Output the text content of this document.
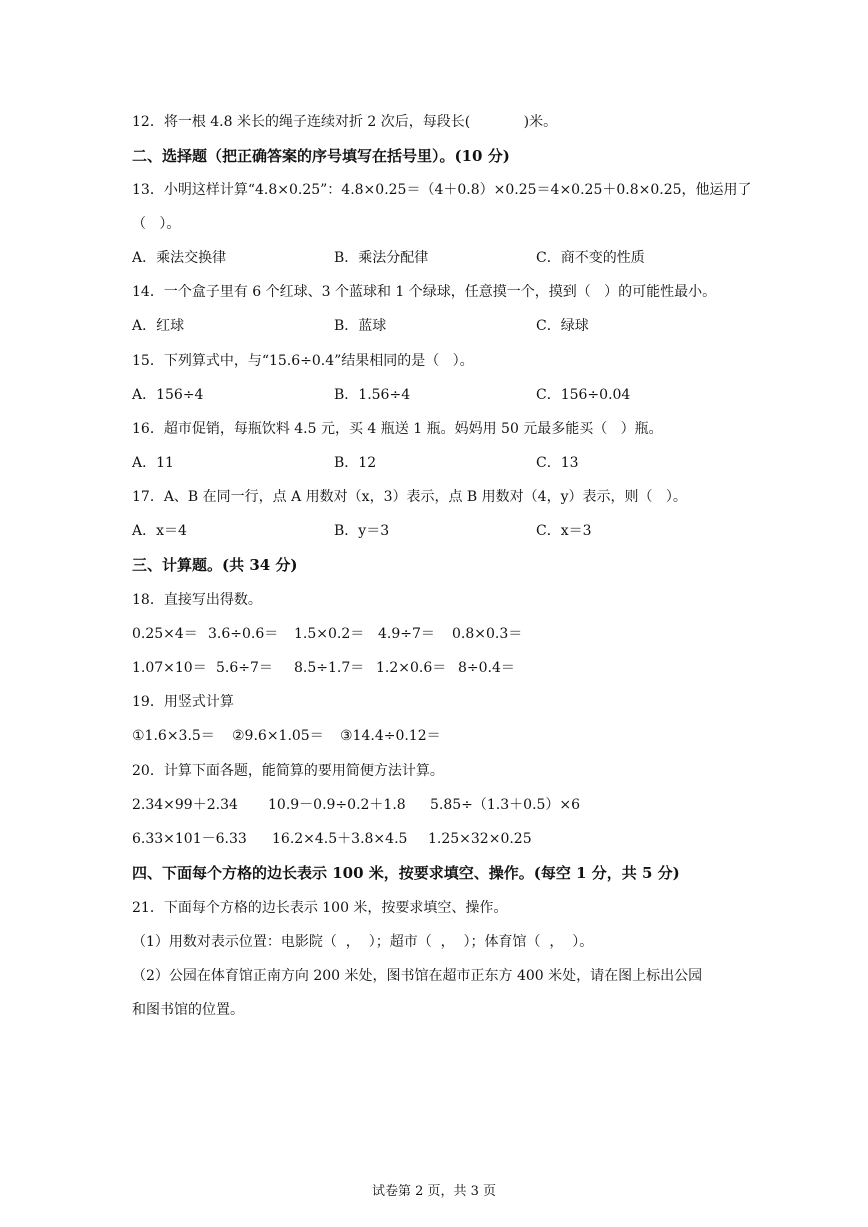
12．将一根 4.8 米长的绳子连续对折 2 次后，每段长(            )米。
二、选择题（把正确答案的序号填写在括号里）。(10 分)
13．小明这样计算“4.8×0.25”：4.8×0.25＝（4＋0.8）×0.25＝4×0.25＋0.8×0.25，他运用了
（   ）。
A．乘法交换律	B．乘法分配律	C．商不变的性质
14．一个盒子里有 6 个红球、3 个蓝球和 1 个绿球，任意摸一个，摸到（   ）的可能性最小。
A．红球	B．蓝球	C．绿球
15．下列算式中，与“15.6÷0.4”结果相同的是（   ）。
A．156÷4	B．1.56÷4	C．156÷0.04
16．超市促销，每瓶饮料 4.5 元，买 4 瓶送 1 瓶。妈妈用 50 元最多能买（   ）瓶。
A．11	B．12	C．13
17．A、B 在同一行，点 A 用数对（x，3）表示，点 B 用数对（4，y）表示，则（   ）。
A．x＝4	B．y＝3	C．x＝3
三、计算题。(共 34 分)
18．直接写出得数。
0.25×4＝ 3.6÷0.6＝ 1.5×0.2＝ 4.9÷7＝ 0.8×0.3＝
1.07×10＝ 5.6÷7＝ 8.5÷1.7＝ 1.2×0.6＝ 8÷0.4＝
19．用竖式计算
①1.6×3.5＝ ②9.6×1.05＝ ③14.4÷0.12＝
20．计算下面各题，能简算的要用简便方法计算。
2.34×99＋2.34 10.9－0.9÷0.2＋1.8 5.85÷（1.3＋0.5）×6
6.33×101－6.33 16.2×4.5＋3.8×4.5 1.25×32×0.25
四、下面每个方格的边长表示 100 米，按要求填空、操作。(每空 1 分，共 5 分)
21．下面每个方格的边长表示 100 米，按要求填空、操作。
（1）用数对表示位置：电影院（  ，  ）；超市（  ，  ）；体育馆（  ，  ）。
（2）公园在体育馆正南方向 200 米处，图书馆在超市正东方 400 米处，请在图上标出公园
和图书馆的位置。
试卷第 2 页，共 3 页
